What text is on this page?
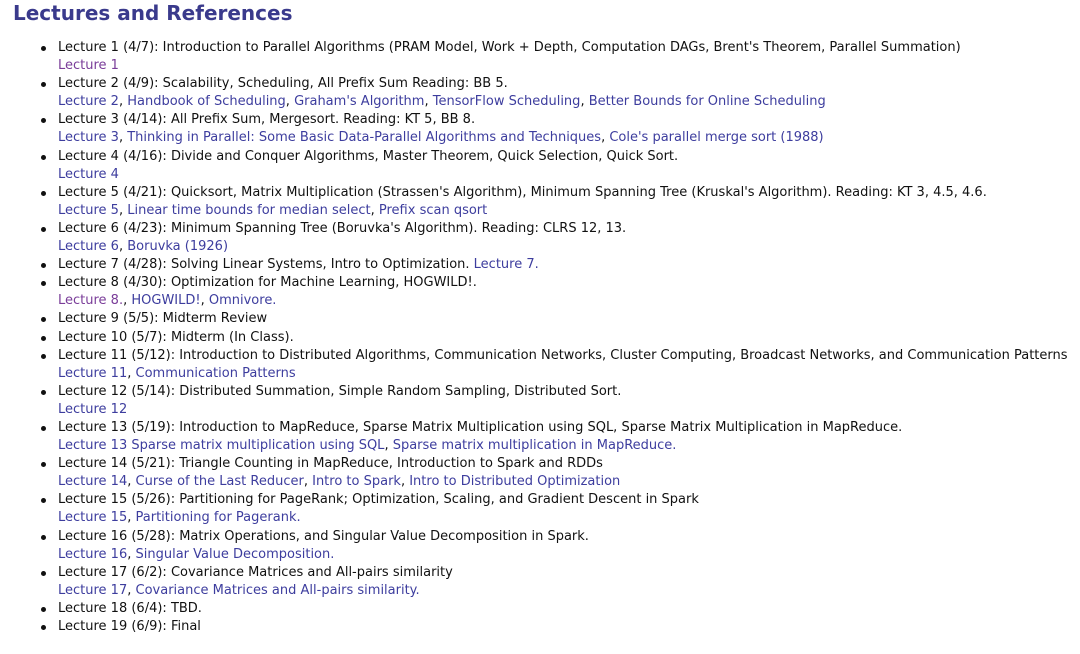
Lectures and References
Lecture 1 (4/7): Introduction to Parallel Algorithms (PRAM Model, Work + Depth, Computation DAGs, Brent's Theorem, Parallel Summation)
Lecture 1
Lecture 2 (4/9): Scalability, Scheduling, All Prefix Sum Reading: BB 5.
Lecture 2, Handbook of Scheduling, Graham's Algorithm, TensorFlow Scheduling, Better Bounds for Online Scheduling
Lecture 3 (4/14): All Prefix Sum, Mergesort. Reading: KT 5, BB 8.
Lecture 3, Thinking in Parallel: Some Basic Data-Parallel Algorithms and Techniques, Cole's parallel merge sort (1988)
Lecture 4 (4/16): Divide and Conquer Algorithms, Master Theorem, Quick Selection, Quick Sort.
Lecture 4
Lecture 5 (4/21): Quicksort, Matrix Multiplication (Strassen's Algorithm), Minimum Spanning Tree (Kruskal's Algorithm). Reading: KT 3, 4.5, 4.6.
Lecture 5, Linear time bounds for median select, Prefix scan qsort
Lecture 6 (4/23): Minimum Spanning Tree (Boruvka's Algorithm). Reading: CLRS 12, 13.
Lecture 6, Boruvka (1926)
Lecture 7 (4/28): Solving Linear Systems, Intro to Optimization. Lecture 7.
Lecture 8 (4/30): Optimization for Machine Learning, HOGWILD!.
Lecture 8., HOGWILD!, Omnivore.
Lecture 9 (5/5): Midterm Review
Lecture 10 (5/7): Midterm (In Class).
Lecture 11 (5/12): Introduction to Distributed Algorithms, Communication Networks, Cluster Computing, Broadcast Networks, and Communication Patterns
Lecture 11, Communication Patterns
Lecture 12 (5/14): Distributed Summation, Simple Random Sampling, Distributed Sort.
Lecture 12
Lecture 13 (5/19): Introduction to MapReduce, Sparse Matrix Multiplication using SQL, Sparse Matrix Multiplication in MapReduce.
Lecture 13 Sparse matrix multiplication using SQL, Sparse matrix multiplication in MapReduce.
Lecture 14 (5/21): Triangle Counting in MapReduce, Introduction to Spark and RDDs
Lecture 14, Curse of the Last Reducer, Intro to Spark, Intro to Distributed Optimization
Lecture 15 (5/26): Partitioning for PageRank; Optimization, Scaling, and Gradient Descent in Spark
Lecture 15, Partitioning for Pagerank.
Lecture 16 (5/28): Matrix Operations, and Singular Value Decomposition in Spark.
Lecture 16, Singular Value Decomposition.
Lecture 17 (6/2): Covariance Matrices and All-pairs similarity
Lecture 17, Covariance Matrices and All-pairs similarity.
Lecture 18 (6/4): TBD.
Lecture 19 (6/9): Final
